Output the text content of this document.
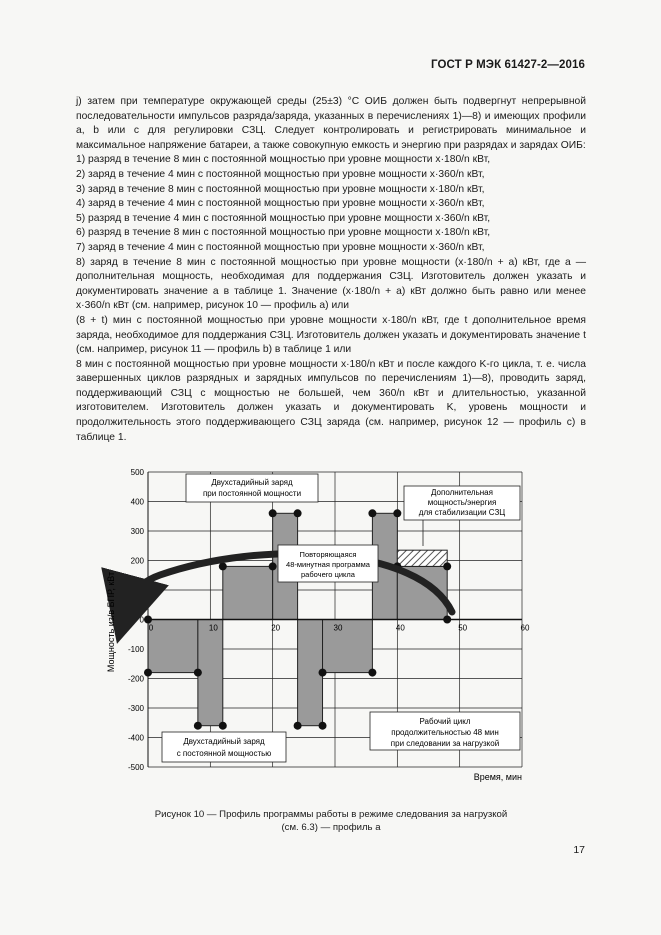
ГОСТ Р МЭК 61427-2—2016

j) затем при температуре окружающей среды (25±3) °С ОИБ должен быть подвергнут непрерывной последовательности импульсов разряда/заряда, указанных в перечислениях 1)—8) и имеющих профили а, b или с для регулировки СЗЦ. Следует контролировать и регистрировать минимальное и максимальное напряжение батареи, а также совокупную емкость и энергию при разрядах и зарядах ОИБ:

1) разряд в течение 8 мин с постоянной мощностью при уровне мощности x·180/n кВт,

2) заряд в течение 4 мин с постоянной мощностью при уровне мощности x·360/n кВт,

3) заряд в течение 8 мин с постоянной мощностью при уровне мощности x·180/n кВт,

4) заряд в течение 4 мин с постоянной мощностью при уровне мощности x·360/n кВт,

5) разряд в течение 4 мин с постоянной мощностью при уровне мощности x·360/n кВт,

6) разряд в течение 8 мин с постоянной мощностью при уровне мощности x·180/n кВт,

7) заряд в течение 4 мин с постоянной мощностью при уровне мощности x·360/n кВт,

8) заряд в течение 8 мин с постоянной мощностью при уровне мощности (x·180/n + a) кВт, где a — дополнительная мощность, необходимая для поддержания СЗЦ. Изготовитель должен указать и документировать значение a в таблице 1. Значение (x·180/n + a) кВт должно быть равно или менее x·360/n кВт (см. например, рисунок 10 — профиль a) или

(8 + t) мин с постоянной мощностью при уровне мощности x·180/n кВт, где t дополнительное время заряда, необходимое для поддержания СЗЦ. Изготовитель должен указать и документировать значение t (см. например, рисунок 11 — профиль b) в таблице 1 или

8 мин с постоянной мощностью при уровне мощности x·180/n кВт и после каждого K-го цикла, т. е. числа завершенных циклов разрядных и зарядных импульсов по перечислениям 1)—8), проводить заряд, поддерживающий СЗЦ с мощностью не большей, чем 360/n кВт и длительностью, указанной изготовителем. Изготовитель должен указать и документировать K, уровень мощности и продолжительность этого поддерживающего СЗЦ заряда (см. например, рисунок 12 — профиль c) в таблице 1.

-500
-400
-300
-200
-100
0
100
200
300
400
500
0	10	20	30	40	50	60
Двухстадийный заряд
при постоянной мощности	Дополнительная
мощность/энергия
для стабилизации СЗЦ
Повторяющаяся
48-минутная программа
рабочего цикла
Двухстадийный заряд
с постоянной мощностью
Рабочий цикл
продолжительностью 48 мин
при следовании за нагрузкой
Мощность из/в БПР, кВт
Время, мин
Рисунок 10 — Профиль программы работы в режиме следования за нагрузкой
(см. 6.3) — профиль a
17
